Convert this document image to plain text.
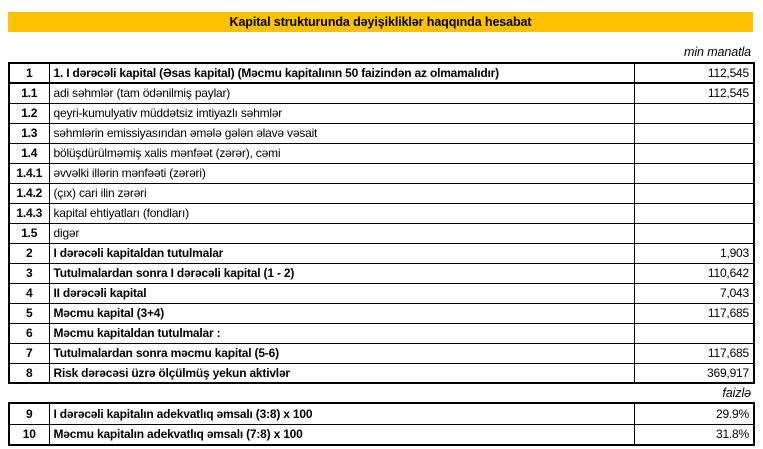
Kapital strukturunda dəyişikliklər haqqında hesabat
min manatla
1	1. I dərəcəli kapital (Əsas kapital) (Məcmu kapitalının 50 faizindən az olmamalıdır)	112,545
1.1	adi səhmlər (tam ödənilmiş paylar)	112,545
1.2	qeyri-kumulyativ müddətsiz imtiyazlı səhmlər	
1.3	səhmlərin emissiyasından əmələ gələn əlavə vəsait	
1.4	bölüşdürülməmiş xalis mənfəət (zərər), cəmi	
1.4.1	əvvəlki illərin mənfəəti (zərəri)	
1.4.2	(çıx) cari ilin zərəri	
1.4.3	kapital ehtiyatları (fondları)	
1.5	digər	
2	I dərəcəli kapitaldan tutulmalar	1,903
3	Tutulmalardan sonra I dərəcəli kapital (1 - 2)	110,642
4	II dərəcəli kapital	7,043
5	Məcmu kapital (3+4)	117,685
6	Məcmu kapitaldan tutulmalar :	
7	Tutulmalardan sonra məcmu kapital (5-6)	117,685
8	Risk dərəcəsi üzrə ölçülmüş yekun aktivlər	369,917
faizlə
9	I dərəcəli kapitalın adekvatlıq əmsalı (3:8) x 100	29.9%
10	Məcmu kapitalın adekvatlıq əmsalı (7:8) x 100	31.8%
